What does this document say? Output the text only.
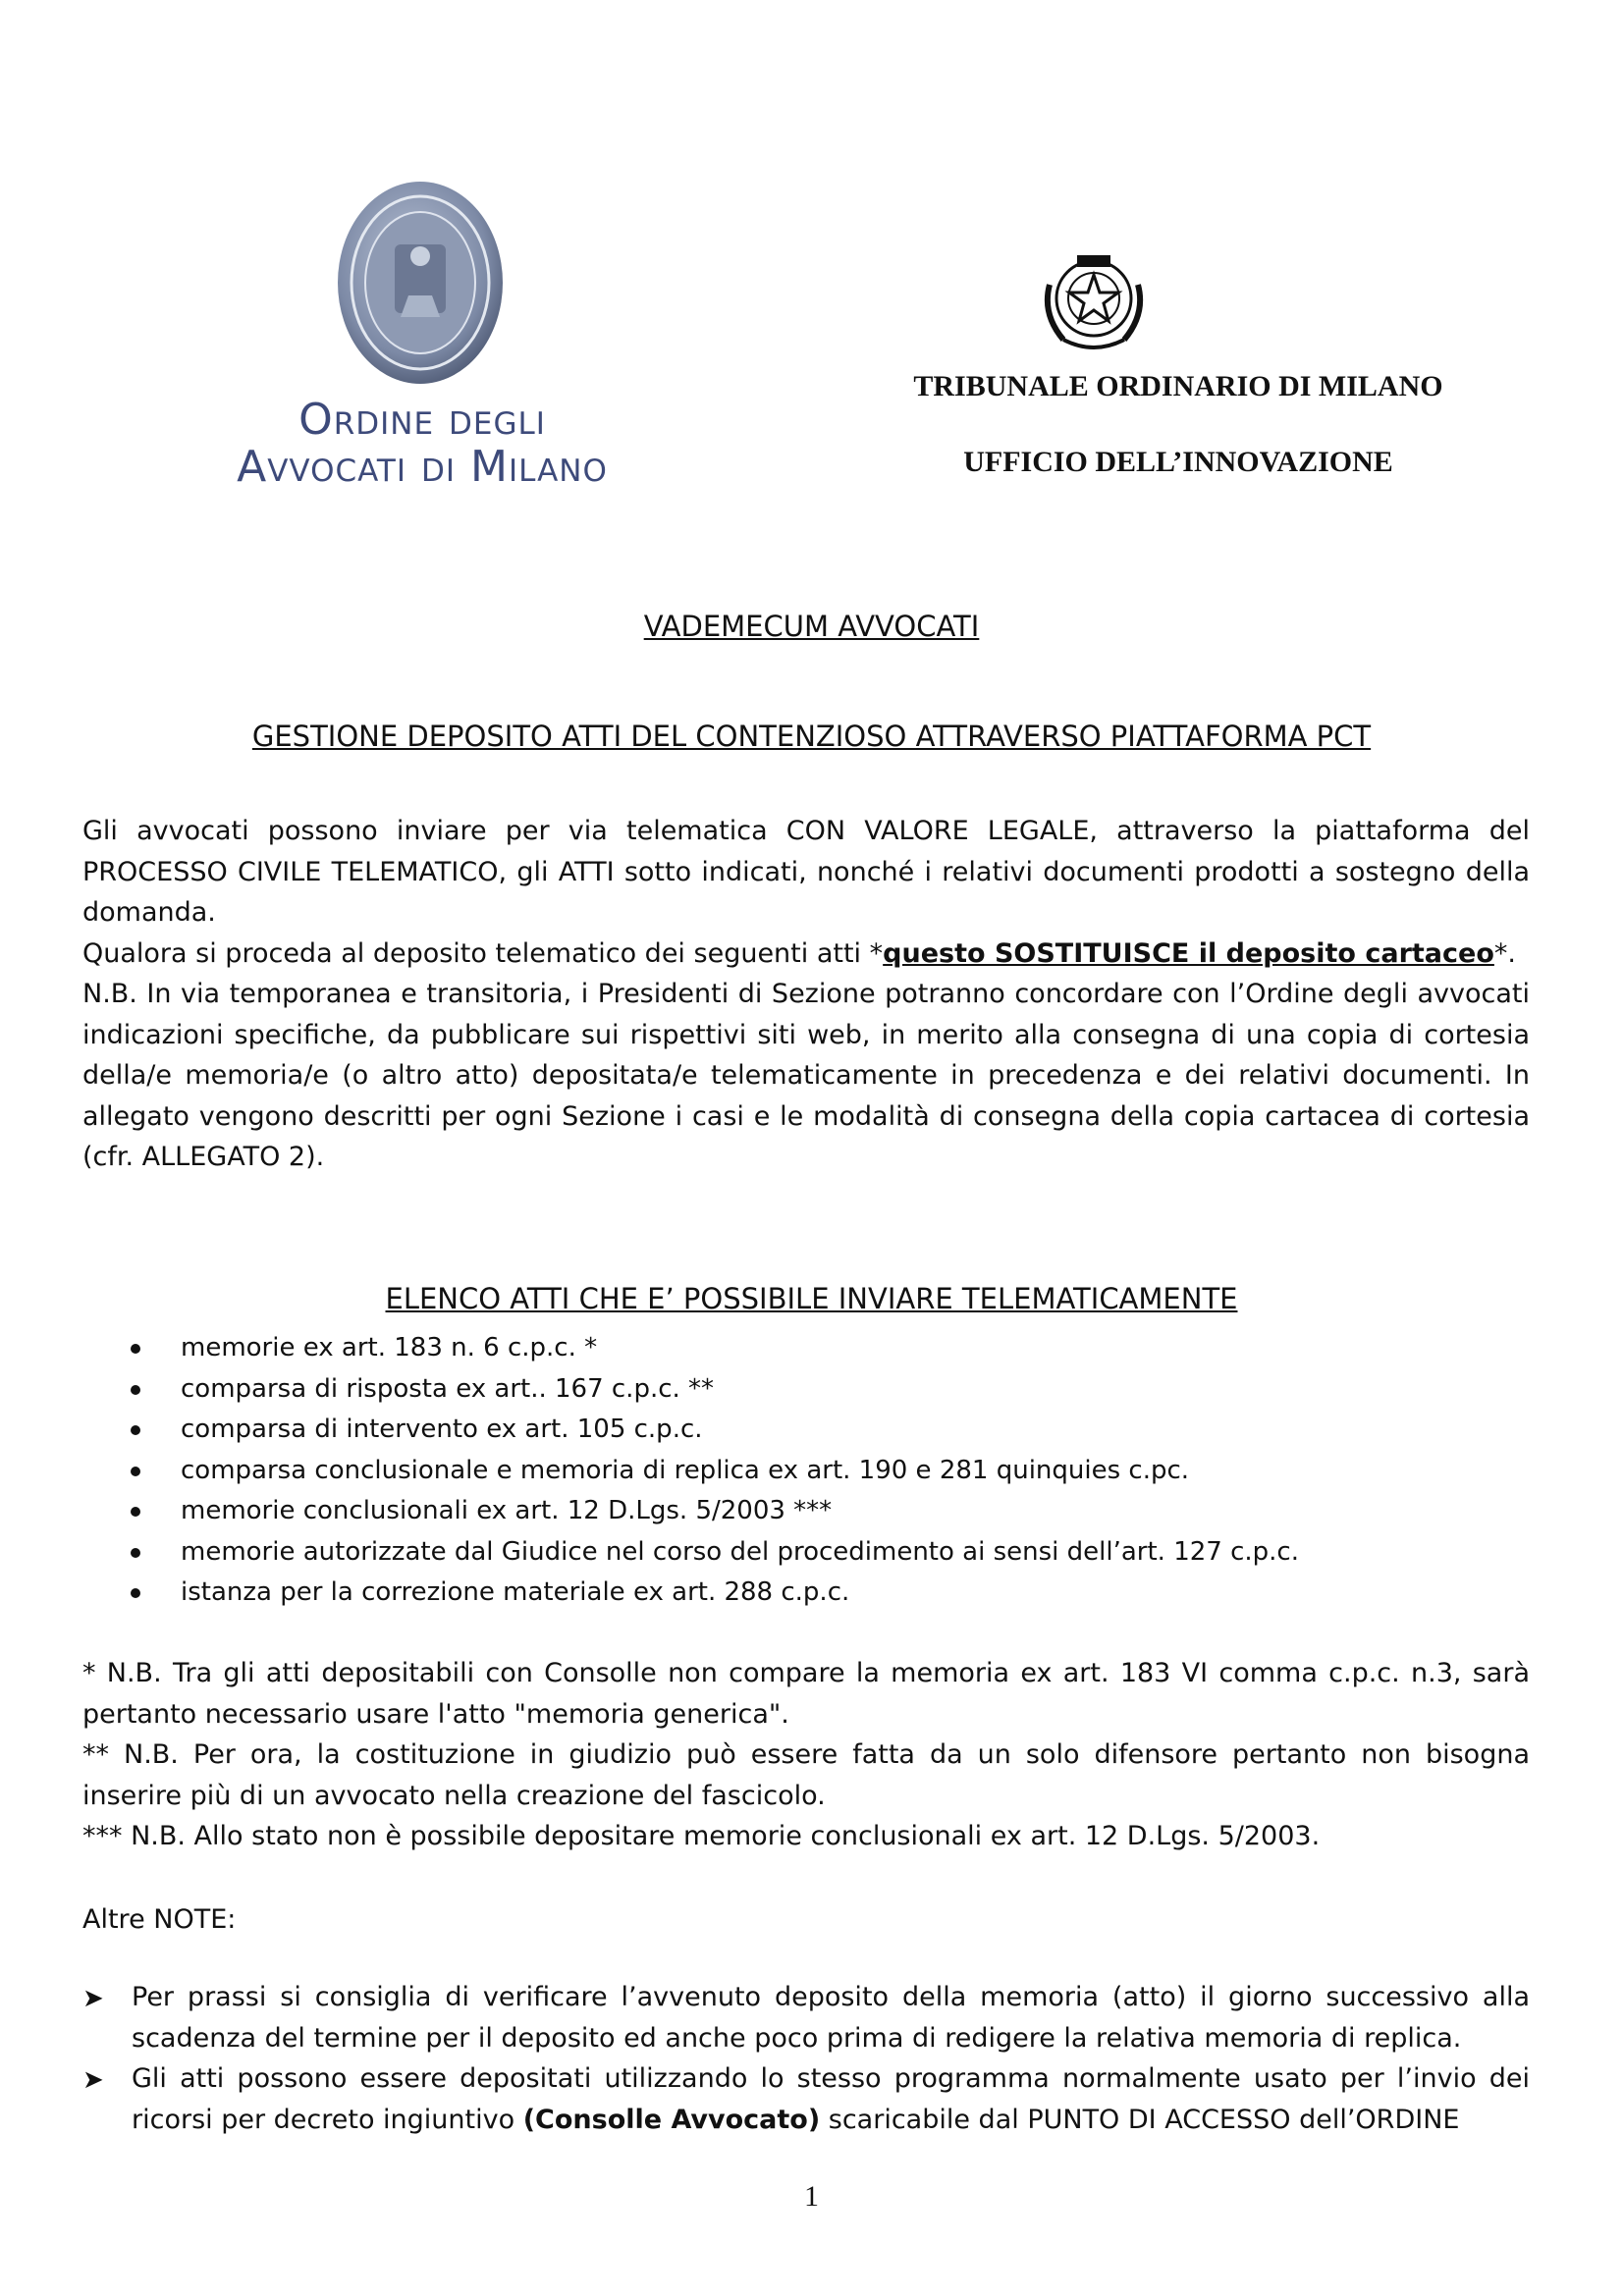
Ordine degli
Avvocati di Milano
TRIBUNALE ORDINARIO DI MILANO
UFFICIO DELL’INNOVAZIONE
VADEMECUM AVVOCATI
GESTIONE DEPOSITO ATTI DEL CONTENZIOSO ATTRAVERSO PIATTAFORMA PCT

Gli avvocati possono inviare per via telematica CON VALORE LEGALE, attraverso la piattaforma del PROCESSO CIVILE TELEMATICO, gli ATTI sotto indicati, nonché i relativi documenti prodotti a sostegno della domanda.

Qualora si proceda al deposito telematico dei seguenti atti *questo SOSTITUISCE il deposito cartaceo*.

N.B. In via temporanea e transitoria, i Presidenti di Sezione potranno concordare con l’Ordine degli avvocati indicazioni specifiche, da pubblicare sui rispettivi siti web, in merito alla consegna di una copia di cortesia della/e memoria/e (o altro atto) depositata/e telematicamente in precedenza e dei relativi documenti. In allegato vengono descritti per ogni Sezione i casi e le modalità di consegna della copia cartacea di cortesia (cfr. ALLEGATO 2).
ELENCO ATTI CHE E’ POSSIBILE INVIARE TELEMATICAMENTE
memorie ex art. 183 n. 6 c.p.c. *
comparsa di risposta ex art.. 167 c.p.c. **
comparsa di intervento ex art. 105 c.p.c.
comparsa conclusionale e memoria di replica ex art. 190 e 281 quinquies c.pc.
memorie conclusionali ex art. 12 D.Lgs. 5/2003 ***
memorie autorizzate dal Giudice nel corso del procedimento ai sensi dell’art. 127 c.p.c.
istanza per la correzione materiale ex art. 288 c.p.c.

* N.B. Tra gli atti depositabili con Consolle non compare la memoria ex art. 183 VI comma c.p.c. n.3, sarà pertanto necessario usare l'atto "memoria generica".

** N.B. Per ora, la costituzione in giudizio può essere fatta da un solo difensore pertanto non bisogna inserire più di un avvocato nella creazione del fascicolo.

*** N.B. Allo stato non è possibile depositare memorie conclusionali ex art. 12 D.Lgs. 5/2003.

Altre NOTE:
➤ Per prassi si consiglia di verificare l’avvenuto deposito della memoria (atto) il giorno successivo alla scadenza del termine per il deposito ed anche poco prima di redigere la relativa memoria di replica.
➤ Gli atti possono essere depositati utilizzando lo stesso programma normalmente usato per l’invio dei ricorsi per decreto ingiuntivo (Consolle Avvocato) scaricabile dal PUNTO DI ACCESSO dell’ORDINE
1
